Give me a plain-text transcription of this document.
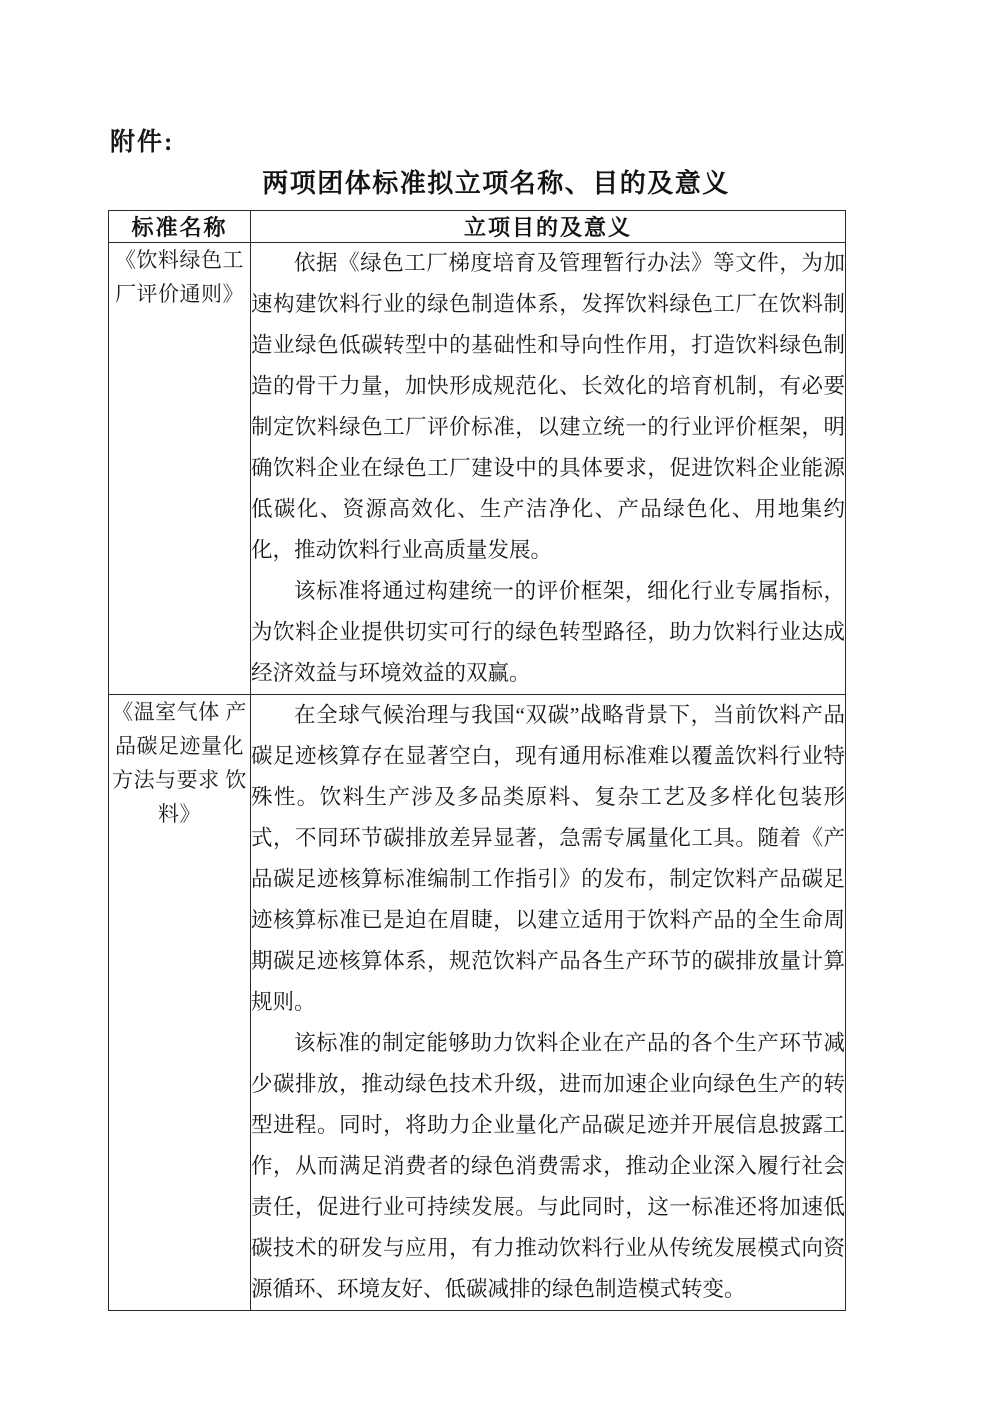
附件:
两项团体标准拟立项名称、目的及意义
标准名称	立项目的及意义
《饮料绿色工厂评价通则》	依据《绿色工厂梯度培育及管理暂行办法》等文件，为加速构建饮料行业的绿色制造体系，发挥饮料绿色工厂在饮料制造业绿色低碳转型中的基础性和导向性作用，打造饮料绿色制造的骨干力量，加快形成规范化、长效化的培育机制，有必要制定饮料绿色工厂评价标准，以建立统一的行业评价框架，明确饮料企业在绿色工厂建设中的具体要求，促进饮料企业能源低碳化、资源高效化、生产洁净化、产品绿色化、用地集约化，推动饮料行业高质量发展。

该标准将通过构建统一的评价框架，细化行业专属指标，为饮料企业提供切实可行的绿色转型路径，助力饮料行业达成经济效益与环境效益的双赢。

《温室气体 产品碳足迹量化方法与要求 饮料》	在全球气候治理与我国“双碳”战略背景下，当前饮料产品碳足迹核算存在显著空白，现有通用标准难以覆盖饮料行业特殊性。饮料生产涉及多品类原料、复杂工艺及多样化包装形式，不同环节碳排放差异显著，急需专属量化工具。随着《产品碳足迹核算标准编制工作指引》的发布，制定饮料产品碳足迹核算标准已是迫在眉睫，以建立适用于饮料产品的全生命周期碳足迹核算体系，规范饮料产品各生产环节的碳排放量计算规则。

该标准的制定能够助力饮料企业在产品的各个生产环节减少碳排放，推动绿色技术升级，进而加速企业向绿色生产的转型进程。同时，将助力企业量化产品碳足迹并开展信息披露工作，从而满足消费者的绿色消费需求，推动企业深入履行社会责任，促进行业可持续发展。与此同时，这一标准还将加速低碳技术的研发与应用，有力推动饮料行业从传统发展模式向资源循环、环境友好、低碳减排的绿色制造模式转变。
